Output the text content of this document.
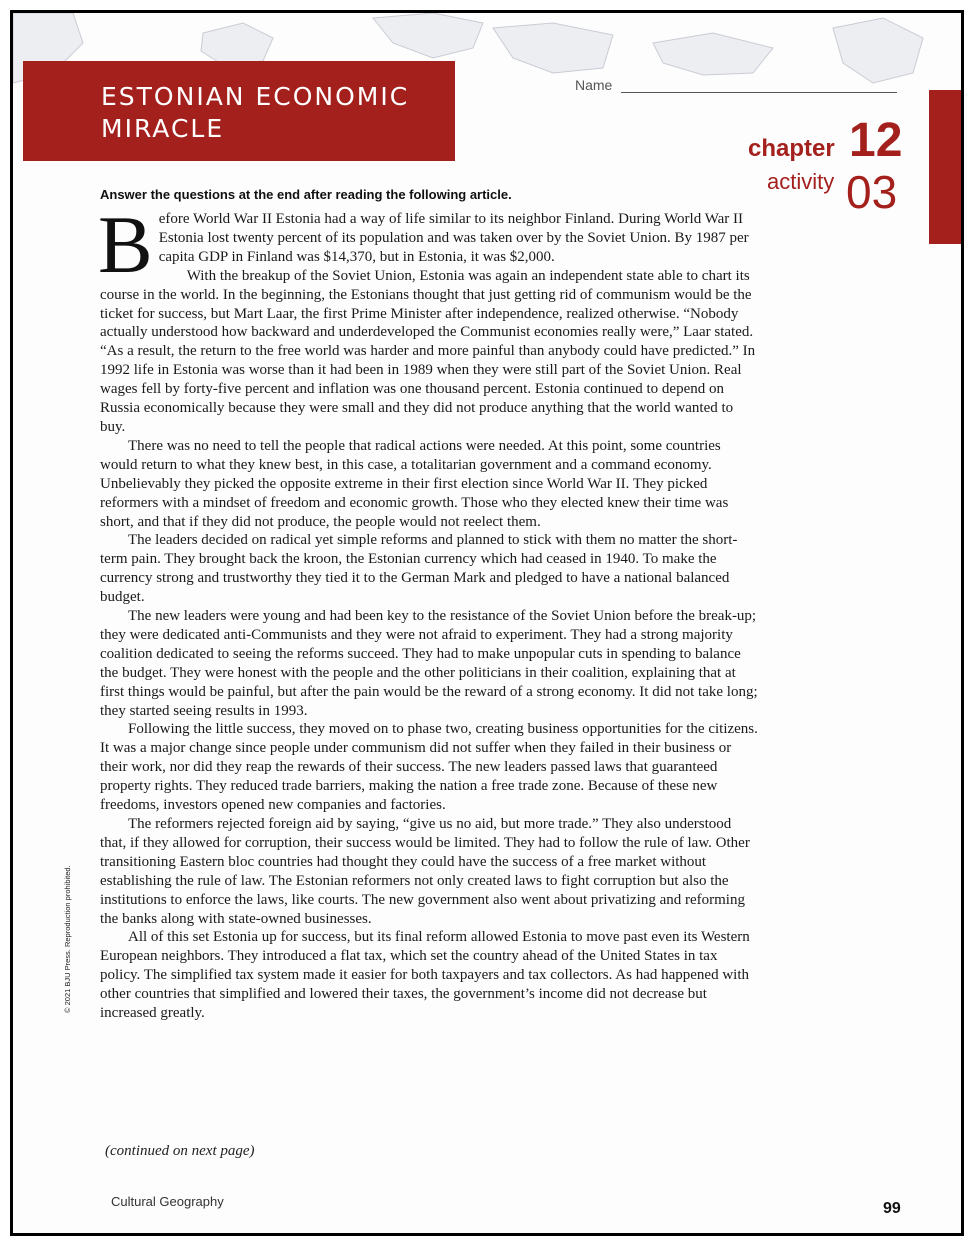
ESTONIAN ECONOMIC
MIRACLE
Name
chapter 12
activity 03
Answer the questions at the end after reading the following article.

Before World War II Estonia had a way of life similar to its neighbor Finland. During World War II Estonia lost twenty percent of its population and was taken over by the Soviet Union. By 1987 per capita GDP in Finland was $14,370, but in Estonia, it was $2,000.

With the breakup of the Soviet Union, Estonia was again an independent state able to chart its course in the world. In the beginning, the Estonians thought that just getting rid of communism would be the ticket for success, but Mart Laar, the first Prime Minister after independence, realized otherwise. “Nobody actually understood how backward and underdeveloped the Communist economies really were,” Laar stated. “As a result, the return to the free world was harder and more painful than anybody could have predicted.” In 1992 life in Estonia was worse than it had been in 1989 when they were still part of the Soviet Union. Real wages fell by forty-five percent and inflation was one thousand percent. Estonia continued to depend on Russia economically because they were small and they did not produce anything that the world wanted to buy.

There was no need to tell the people that radical actions were needed. At this point, some countries would return to what they knew best, in this case, a totalitarian government and a command economy. Unbelievably they picked the opposite extreme in their first election since World War II. They picked reformers with a mindset of freedom and economic growth. Those who they elected knew their time was short, and that if they did not produce, the people would not reelect them.

The leaders decided on radical yet simple reforms and planned to stick with them no matter the short-term pain. They brought back the kroon, the Estonian currency which had ceased in 1940. To make the currency strong and trustworthy they tied it to the German Mark and pledged to have a national balanced budget.

The new leaders were young and had been key to the resistance of the Soviet Union before the break-up; they were dedicated anti-Communists and they were not afraid to experiment. They had a strong majority coalition dedicated to seeing the reforms succeed. They had to make unpopular cuts in spending to balance the budget. They were honest with the people and the other politicians in their coalition, explaining that at first things would be painful, but after the pain would be the reward of a strong economy. It did not take long; they started seeing results in 1993.

Following the little success, they moved on to phase two, creating business opportunities for the citizens. It was a major change since people under communism did not suffer when they failed in their business or their work, nor did they reap the rewards of their success. The new leaders passed laws that guaranteed property rights. They reduced trade barriers, making the nation a free trade zone. Because of these new freedoms, investors opened new companies and factories.

The reformers rejected foreign aid by saying, “give us no aid, but more trade.” They also understood that, if they allowed for corruption, their success would be limited. They had to follow the rule of law. Other transitioning Eastern bloc countries had thought they could have the success of a free market without establishing the rule of law. The Estonian reformers not only created laws to fight corruption but also the institutions to enforce the laws, like courts. The new government also went about privatizing and reforming the banks along with state-owned businesses.

All of this set Estonia up for success, but its final reform allowed Estonia to move past even its Western European neighbors. They introduced a flat tax, which set the country ahead of the United States in tax policy. The simplified tax system made it easier for both taxpayers and tax collectors. As had happened with other countries that simplified and lowered their taxes, the government’s income did not decrease but increased greatly.

(continued on next page)
© 2021 BJU Press. Reproduction prohibited.
Cultural Geography	99
